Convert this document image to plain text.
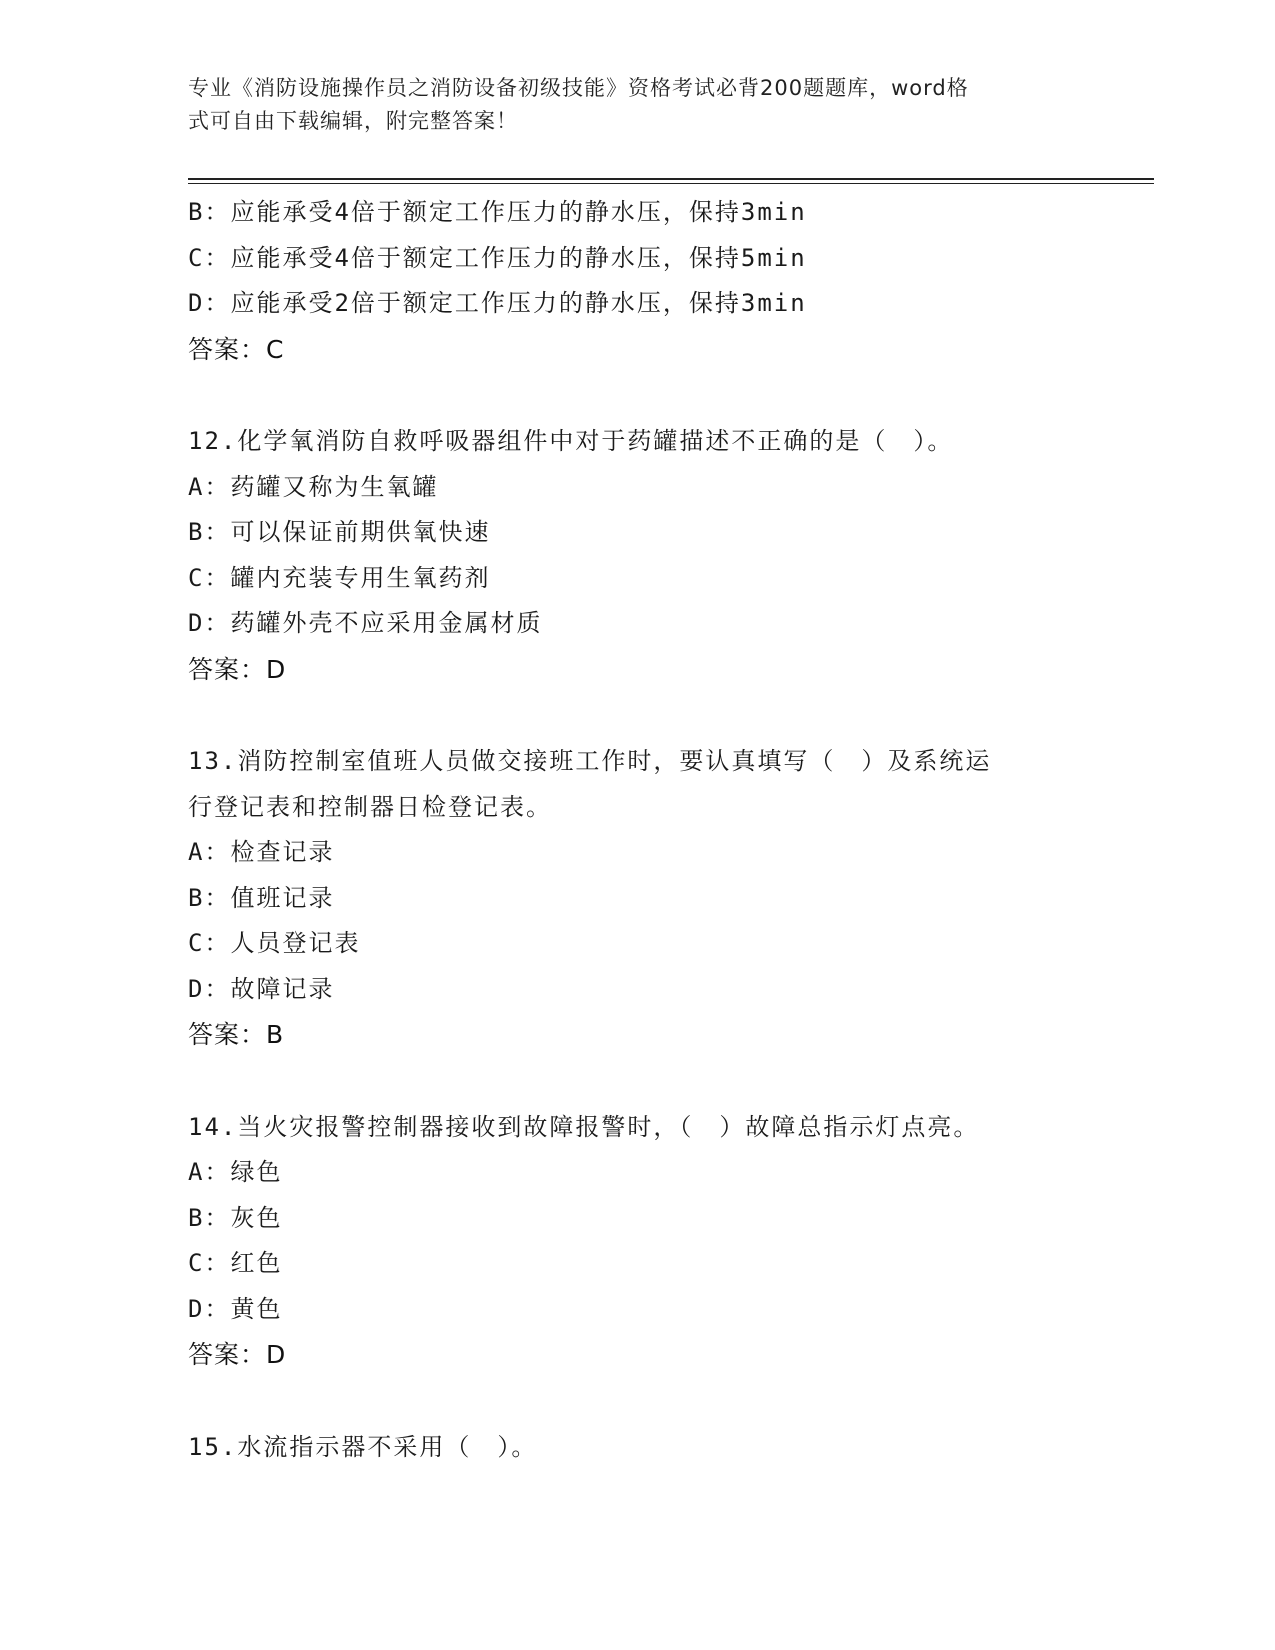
专业《消防设施操作员之消防设备初级技能》资格考试必背200题题库，word格
式可自由下载编辑，附完整答案！
B：应能承受4倍于额定工作压力的静水压，保持3min
C：应能承受4倍于额定工作压力的静水压，保持5min
D：应能承受2倍于额定工作压力的静水压，保持3min
答案：C
12.化学氧消防自救呼吸器组件中对于药罐描述不正确的是（　）。
A：药罐又称为生氧罐
B：可以保证前期供氧快速
C：罐内充装专用生氧药剂
D：药罐外壳不应采用金属材质
答案：D
13.消防控制室值班人员做交接班工作时，要认真填写（　）及系统运
行登记表和控制器日检登记表。
A：检查记录
B：值班记录
C：人员登记表
D：故障记录
答案：B
14.当火灾报警控制器接收到故障报警时，（　）故障总指示灯点亮。
A：绿色
B：灰色
C：红色
D：黄色
答案：D
15.水流指示器不采用（　）。
